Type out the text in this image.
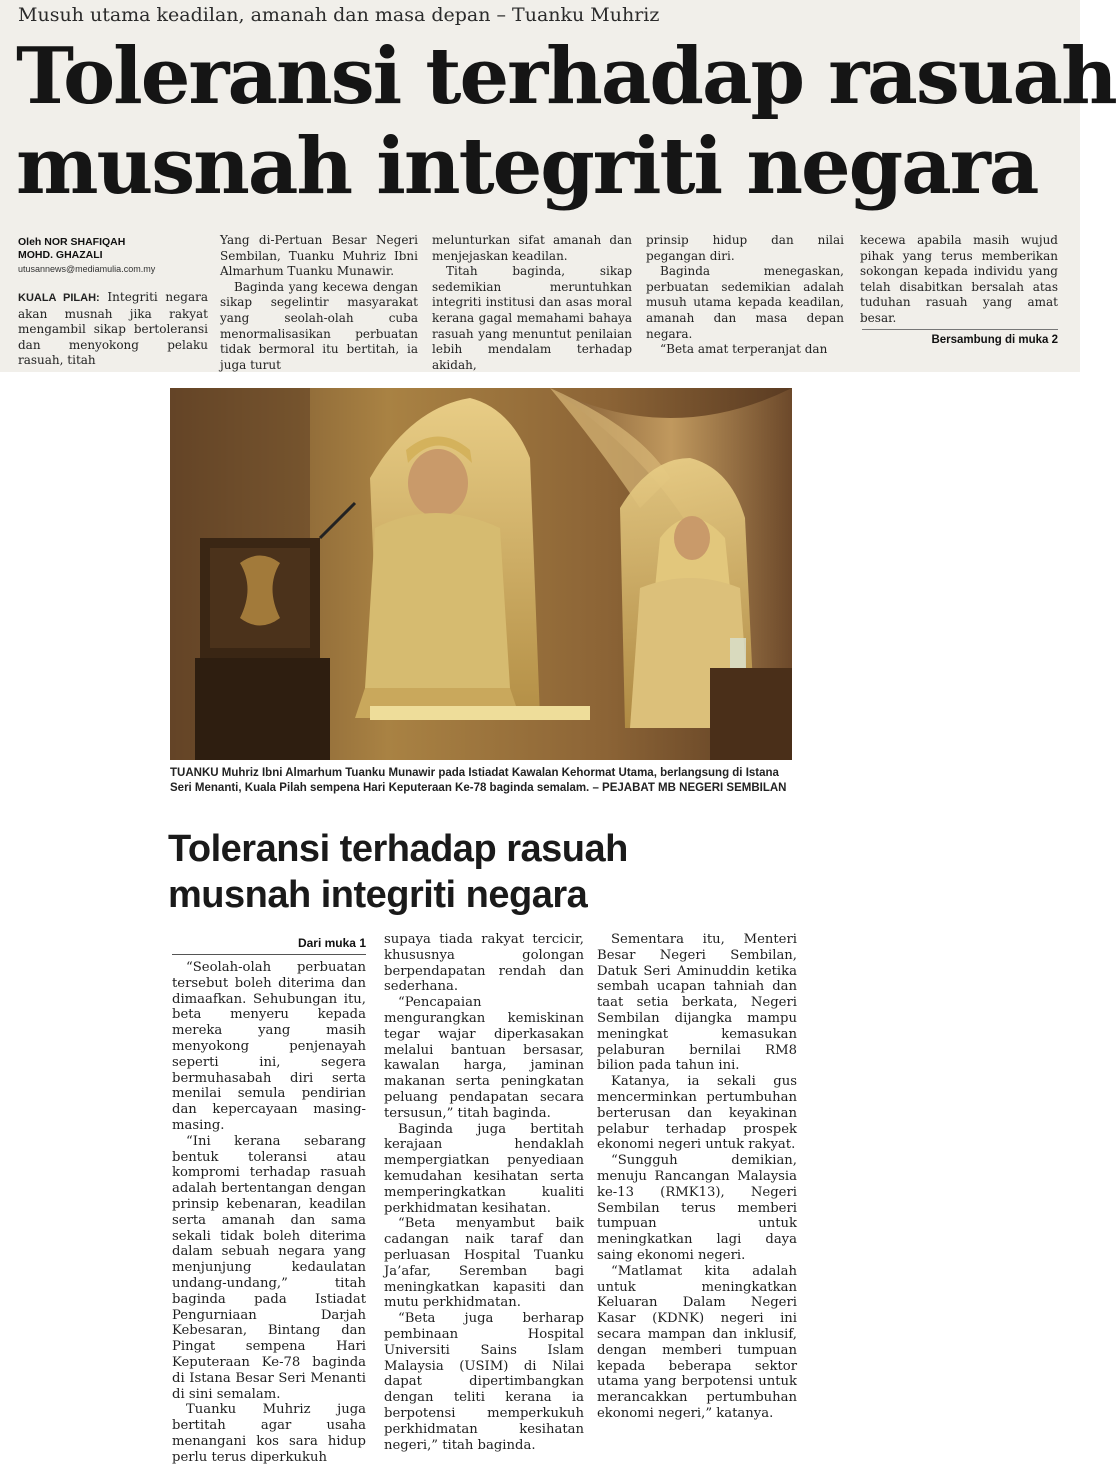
Musuh utama keadilan, amanah dan masa depan – Tuanku Muhriz
Toleransi terhadap rasuah
musnah integriti negara
Oleh NOR SHAFIQAH
MOHD. GHAZALI
utusannews@mediamulia.com.my

KUALA PILAH: Integriti negara akan musnah jika rakyat mengambil sikap bertoleransi dan menyokong pelaku rasuah, titah

Yang di-Pertuan Besar Negeri Sembilan, Tuanku Muhriz Ibni Almarhum Tuanku Munawir.

Baginda yang kecewa dengan sikap segelintir masyarakat yang seolah-olah cuba menormalisasikan perbuatan tidak bermoral itu bertitah, ia juga turut

melunturkan sifat amanah dan menjejaskan keadilan.

Titah baginda, sikap sedemikian meruntuhkan integriti institusi dan asas moral kerana gagal memahami bahaya rasuah yang menuntut penilaian lebih mendalam terhadap akidah,

prinsip hidup dan nilai pegangan diri.

Baginda menegaskan, perbuatan sedemikian adalah musuh utama kepada keadilan, amanah dan masa depan negara.

“Beta amat terperanjat dan

kecewa apabila masih wujud pihak yang terus memberikan sokongan kepada individu yang telah disabitkan bersalah atas tuduhan rasuah yang amat besar.

Bersambung di muka 2
TUANKU Muhriz Ibni Almarhum Tuanku Munawir pada Istiadat Kawalan Kehormat Utama, berlangsung di Istana Seri Menanti, Kuala Pilah sempena Hari Keputeraan Ke-78 baginda semalam. – PEJABAT MB NEGERI SEMBILAN
Toleransi terhadap rasuah
musnah integriti negara
Dari muka 1

“Seolah-olah perbuatan tersebut boleh diterima dan dimaafkan. Sehubungan itu, beta menyeru kepada mereka yang masih menyokong penjenayah seperti ini, segera bermuhasabah diri serta menilai semula pendirian dan kepercayaan masing-masing.

“Ini kerana sebarang bentuk toleransi atau kompromi terhadap rasuah adalah bertentangan dengan prinsip kebenaran, keadilan serta amanah dan sama sekali tidak boleh diterima dalam sebuah negara yang menjunjung kedaulatan undang-undang,” titah baginda pada Istiadat Pengurniaan Darjah Kebesaran, Bintang dan Pingat sempena Hari Keputeraan Ke-78 baginda di Istana Besar Seri Menanti di sini semalam.

Tuanku Muhriz juga bertitah agar usaha menangani kos sara hidup perlu terus diperkukuh

supaya tiada rakyat tercicir, khususnya golongan berpendapatan rendah dan sederhana.

“Pencapaian mengurangkan kemiskinan tegar wajar diperkasakan melalui bantuan bersasar, kawalan harga, jaminan makanan serta peningkatan peluang pendapatan secara tersusun,” titah baginda.

Baginda juga bertitah kerajaan hendaklah mempergiatkan penyediaan kemudahan kesihatan serta memperingkatkan kualiti perkhidmatan kesihatan.

“Beta menyambut baik cadangan naik taraf dan perluasan Hospital Tuanku Ja’afar, Seremban bagi meningkatkan kapasiti dan mutu perkhidmatan.

“Beta juga berharap pembinaan Hospital Universiti Sains Islam Malaysia (USIM) di Nilai dapat dipertimbangkan dengan teliti kerana ia berpotensi memperkukuh perkhidmatan kesihatan negeri,” titah baginda.

Sementara itu, Menteri Besar Negeri Sembilan, Datuk Seri Aminuddin ketika sembah ucapan tahniah dan taat setia berkata, Negeri Sembilan dijangka mampu meningkat kemasukan pelaburan bernilai RM8 bilion pada tahun ini.

Katanya, ia sekali gus mencerminkan pertumbuhan berterusan dan keyakinan pelabur terhadap prospek ekonomi negeri untuk rakyat.

“Sungguh demikian, menuju Rancangan Malaysia ke-13 (RMK13), Negeri Sembilan terus memberi tumpuan untuk meningkatkan lagi daya saing ekonomi negeri.

“Matlamat kita adalah untuk meningkatkan Keluaran Dalam Negeri Kasar (KDNK) negeri ini secara mampan dan inklusif, dengan memberi tumpuan kepada beberapa sektor utama yang berpotensi untuk merancakkan pertumbuhan ekonomi negeri,” katanya.
